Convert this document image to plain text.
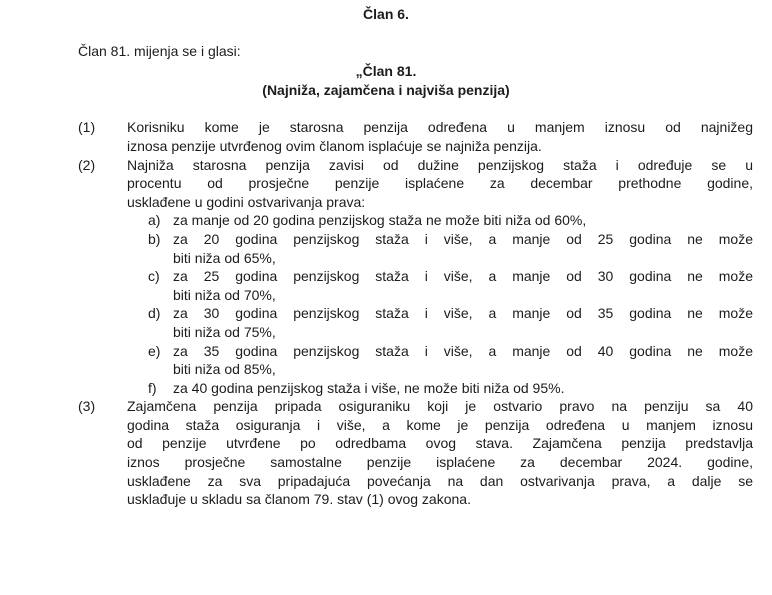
Član 6.
Član 81. mijenja se i glasi:
„Član 81.
(Najniža, zajamčena i najviša penzija)
(1)	Korisniku kome je starosna penzija određena u manjem iznosu od najnižeg
iznosa penzije utvrđenog ovim članom isplaćuje se najniža penzija.
(2)	Najniža starosna penzija zavisi od dužine penzijskog staža i određuje se u
procentu od prosječne penzije isplaćene za decembar prethodne godine,
usklađene u godini ostvarivanja prava:
a) za manje od 20 godina penzijskog staža ne može biti niža od 60%,
b) za 20 godina penzijskog staža i više, a manje od 25 godina ne može
biti niža od 65%,
c) za 25 godina penzijskog staža i više, a manje od 30 godina ne može
biti niža od 70%,
d) za 30 godina penzijskog staža i više, a manje od 35 godina ne može
biti niža od 75%,
e) za 35 godina penzijskog staža i više, a manje od 40 godina ne može
biti niža od 85%,
f)	za 40 godina penzijskog staža i više, ne može biti niža od 95%.
(3)	Zajamčena penzija pripada osiguraniku koji je ostvario pravo na penziju sa 40
godina staža osiguranja i više, a kome je penzija određena u manjem iznosu
od penzije utvrđene po odredbama ovog stava. Zajamčena penzija predstavlja
iznos prosječne samostalne penzije isplaćene za decembar 2024. godine,
usklađene za sva pripadajuća povećanja na dan ostvarivanja prava, a dalje se
usklađuje u skladu sa članom 79. stav (1) ovog zakona.
